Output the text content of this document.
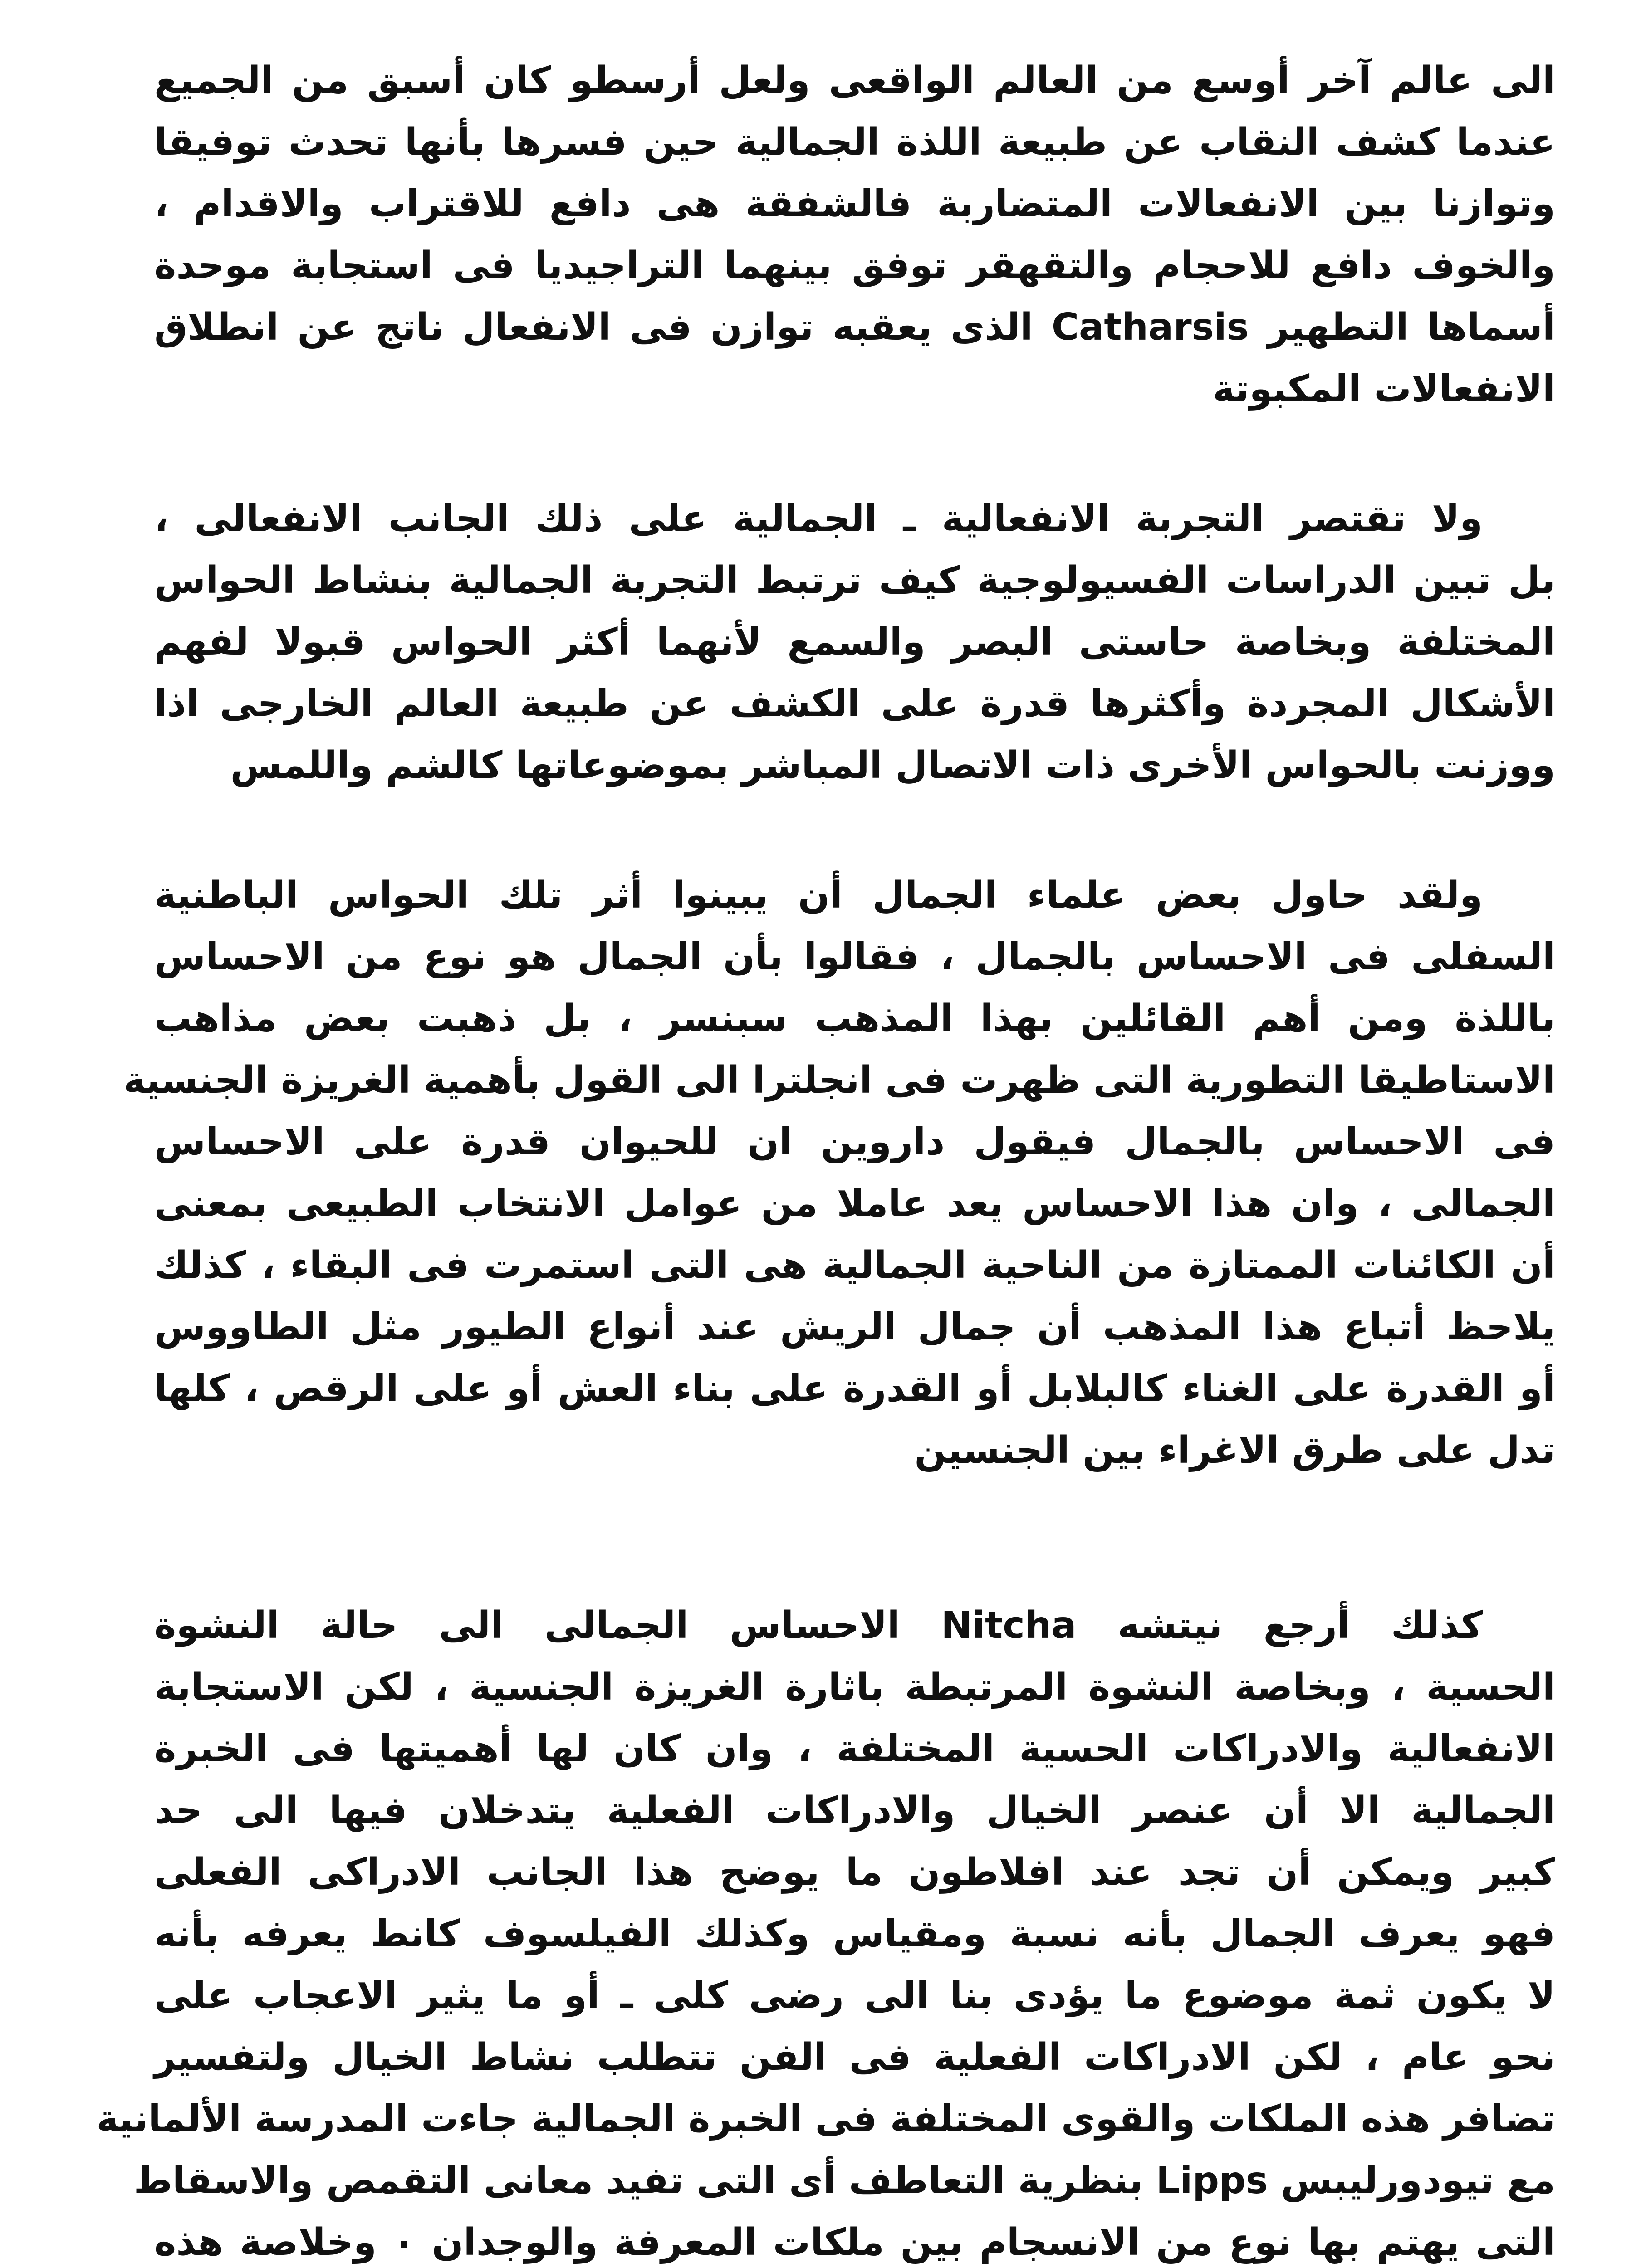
الى عالم آخر أوسع من العالم الواقعى ولعل أرسطو كان أسبق من الجميع
عندما كشف النقاب عن طبيعة اللذة الجمالية حين فسرها بأنها تحدث توفيقا
وتوازنا بين الانفعالات المتضاربة فالشفقة هى دافع للاقتراب والاقدام ،
والخوف دافع للاحجام والتقهقر توفق بينهما التراجيديا فى استجابة موحدة
أسماها التطهير Catharsis الذى يعقبه توازن فى الانفعال ناتج عن انطلاق
الانفعالات المكبوتة

ولا تقتصر التجربة الانفعالية ـ الجمالية على ذلك الجانب الانفعالى ،
بل تبين الدراسات الفسيولوجية كيف ترتبط التجربة الجمالية بنشاط الحواس
المختلفة وبخاصة حاستى البصر والسمع لأنهما أكثر الحواس قبولا لفهم
الأشكال المجردة وأكثرها قدرة على الكشف عن طبيعة العالم الخارجى اذا
ووزنت بالحواس الأخرى ذات الاتصال المباشر بموضوعاتها كالشم واللمس

ولقد حاول بعض علماء الجمال أن يبينوا أثر تلك الحواس الباطنية
السفلى فى الاحساس بالجمال ، فقالوا بأن الجمال هو نوع من الاحساس
باللذة ومن أهم القائلين بهذا المذهب سبنسر ، بل ذهبت بعض مذاهب
الاستاطيقا التطورية التى ظهرت فى انجلترا الى القول بأهمية الغريزة الجنسية
فى الاحساس بالجمال فيقول داروين ان للحيوان قدرة على الاحساس
الجمالى ، وان هذا الاحساس يعد عاملا من عوامل الانتخاب الطبيعى بمعنى
أن الكائنات الممتازة من الناحية الجمالية هى التى استمرت فى البقاء ، كذلك
يلاحظ أتباع هذا المذهب أن جمال الريش عند أنواع الطيور مثل الطاووس
أو القدرة على الغناء كالبلابل أو القدرة على بناء العش أو على الرقص ، كلها
تدل على طرق الاغراء بين الجنسين

كذلك أرجع نيتشه Nitcha الاحساس الجمالى الى حالة النشوة
الحسية ، وبخاصة النشوة المرتبطة باثارة الغريزة الجنسية ، لكن الاستجابة
الانفعالية والادراكات الحسية المختلفة ، وان كان لها أهميتها فى الخبرة
الجمالية الا أن عنصر الخيال والادراكات الفعلية يتدخلان فيها الى حد
كبير ويمكن أن تجد عند افلاطون ما يوضح هذا الجانب الادراكى الفعلى
فهو يعرف الجمال بأنه نسبة ومقياس وكذلك الفيلسوف كانط يعرفه بأنه
لا يكون ثمة موضوع ما يؤدى بنا الى رضى كلى ـ أو ما يثير الاعجاب على
نحو عام ، لكن الادراكات الفعلية فى الفن تتطلب نشاط الخيال ولتفسير
تضافر هذه الملكات والقوى المختلفة فى الخبرة الجمالية جاءت المدرسة الألمانية
مع تيودورليبس Lipps بنظرية التعاطف أى التى تفيد معانى التقمص والاسقاط
التى يهتم بها نوع من الانسجام بين ملكات المعرفة والوجدان ٠ وخلاصة هذه
